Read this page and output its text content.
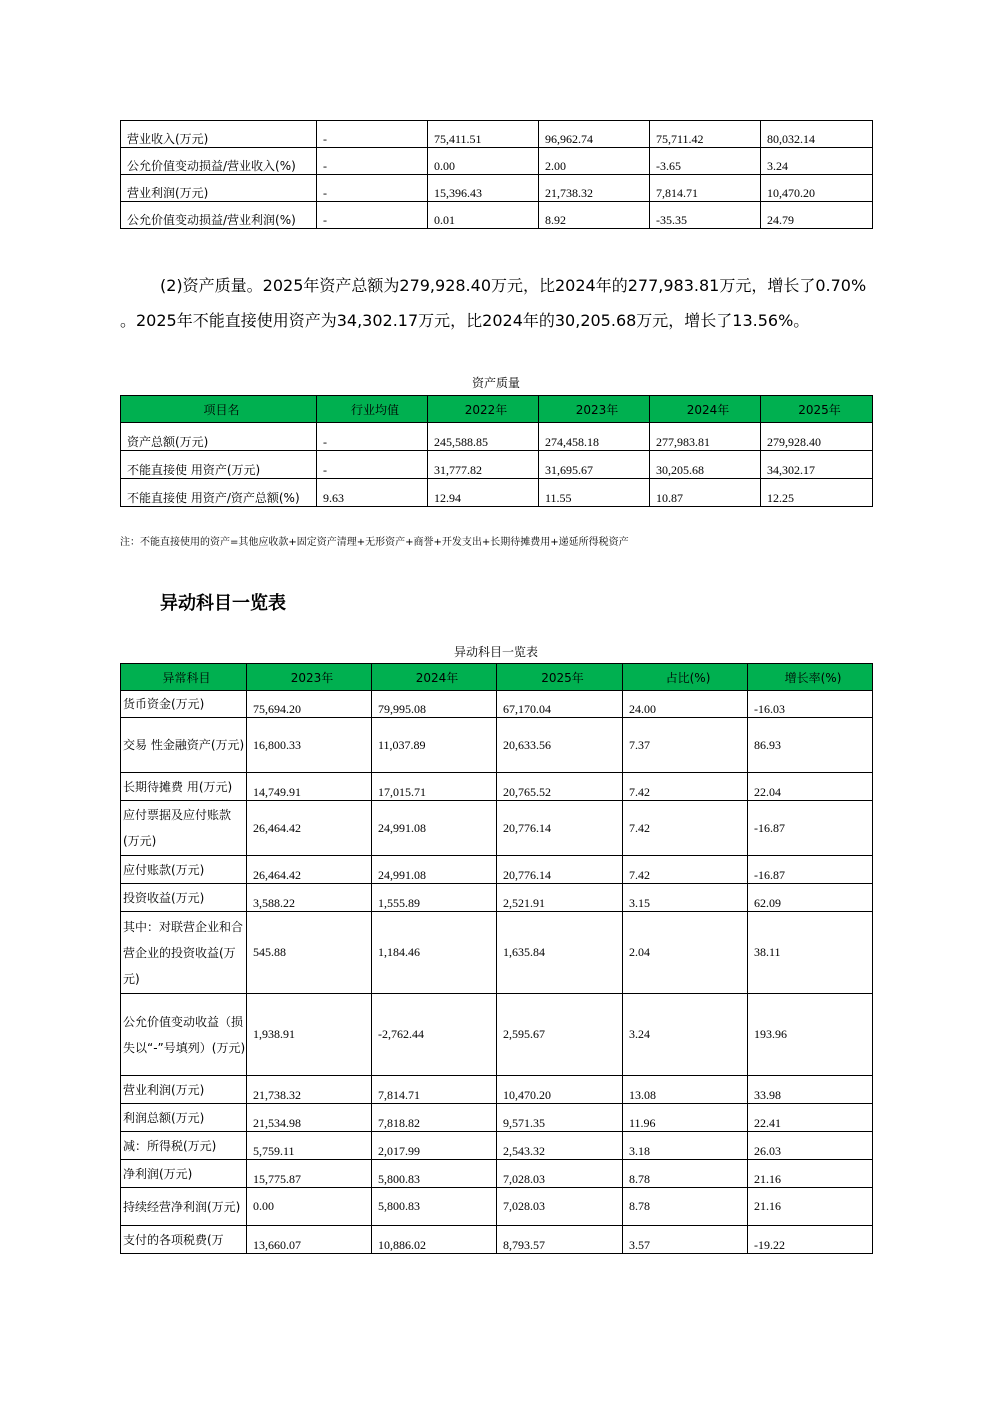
营业收入(万元)	-	75,411.51	96,962.74	75,711.42	80,032.14
公允价值变动损益/营业收入(%)	-	0.00	2.00	-3.65	3.24
营业利润(万元)	-	15,396.43	21,738.32	7,814.71	10,470.20
公允价值变动损益/营业利润(%)	-	0.01	8.92	-35.35	24.79
(2)资产质量。2025年资产总额为279,928.40万元，比2024年的277,983.81万元，增长了0.70%
。2025年不能直接使用资产为34,302.17万元，比2024年的30,205.68万元，增长了13.56%。
资产质量
项目名	行业均值	2022年	2023年	2024年	2025年
资产总额(万元)	-	245,588.85	274,458.18	277,983.81	279,928.40
不能直接使 用资产(万元)	-	31,777.82	31,695.67	30,205.68	34,302.17
不能直接使 用资产/资产总额(%)	9.63	12.94	11.55	10.87	12.25
注：不能直接使用的资产=其他应收款+固定资产清理+无形资产+商誉+开发支出+长期待摊费用+递延所得税资产
异动科目一览表
异动科目一览表
异常科目	2023年	2024年	2025年	占比(%)	增长率(%)
货币资金(万元)	75,694.20	79,995.08	67,170.04	24.00	-16.03
交易 性金融资产(万元)	16,800.33	11,037.89	20,633.56	7.37	86.93
长期待摊费 用(万元)	14,749.91	17,015.71	20,765.52	7.42	22.04
应付票据及应付账款(万元)	26,464.42	24,991.08	20,776.14	7.42	-16.87
应付账款(万元)	26,464.42	24,991.08	20,776.14	7.42	-16.87
投资收益(万元)	3,588.22	1,555.89	2,521.91	3.15	62.09
其中：对联营企业和合营企业的投资收益(万元)	545.88	1,184.46	1,635.84	2.04	38.11
公允价值变动收益（损失以“-”号填列）(万元)	1,938.91	-2,762.44	2,595.67	3.24	193.96
营业利润(万元)	21,738.32	7,814.71	10,470.20	13.08	33.98
利润总额(万元)	21,534.98	7,818.82	9,571.35	11.96	22.41
减：所得税(万元)	5,759.11	2,017.99	2,543.32	3.18	26.03
净利润(万元)	15,775.87	5,800.83	7,028.03	8.78	21.16
持续经营净利润(万元)	0.00	5,800.83	7,028.03	8.78	21.16
支付的各项税费(万	13,660.07	10,886.02	8,793.57	3.57	-19.22
